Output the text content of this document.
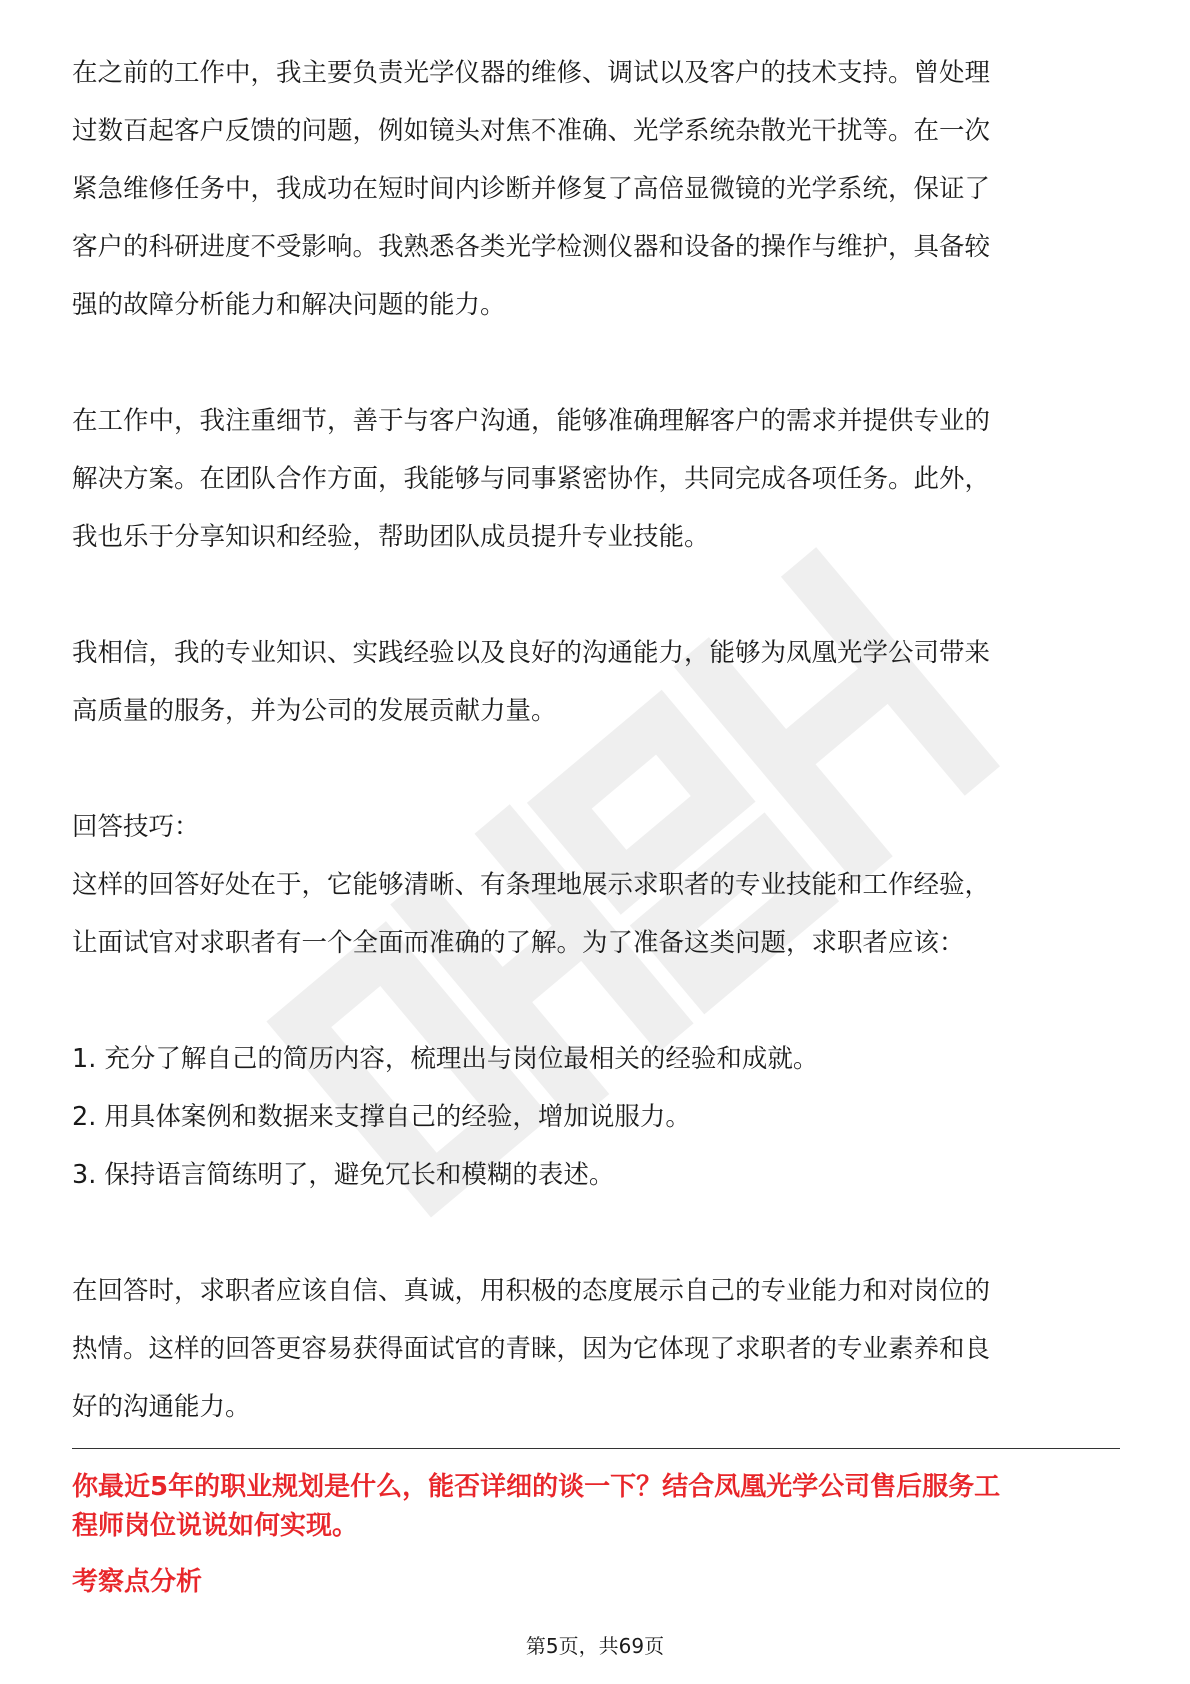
在之前的工作中，我主要负责光学仪器的维修、调试以及客户的技术支持。曾处理

过数百起客户反馈的问题，例如镜头对焦不准确、光学系统杂散光干扰等。在一次

紧急维修任务中，我成功在短时间内诊断并修复了高倍显微镜的光学系统，保证了

客户的科研进度不受影响。我熟悉各类光学检测仪器和设备的操作与维护，具备较

强的故障分析能力和解决问题的能力。

在工作中，我注重细节，善于与客户沟通，能够准确理解客户的需求并提供专业的

解决方案。在团队合作方面，我能够与同事紧密协作，共同完成各项任务。此外，

我也乐于分享知识和经验，帮助团队成员提升专业技能。

我相信，我的专业知识、实践经验以及良好的沟通能力，能够为凤凰光学公司带来

高质量的服务，并为公司的发展贡献力量。

回答技巧：

这样的回答好处在于，它能够清晰、有条理地展示求职者的专业技能和工作经验，

让面试官对求职者有一个全面而准确的了解。为了准备这类问题，求职者应该：

1. 充分了解自己的简历内容，梳理出与岗位最相关的经验和成就。

2. 用具体案例和数据来支撑自己的经验，增加说服力。

3. 保持语言简练明了，避免冗长和模糊的表述。

在回答时，求职者应该自信、真诚，用积极的态度展示自己的专业能力和对岗位的

热情。这样的回答更容易获得面试官的青睐，因为它体现了求职者的专业素养和良

好的沟通能力。

你最近5年的职业规划是什么，能否详细的谈一下？结合凤凰光学公司售后服务工
程师岗位说说如何实现。

考察点分析

第5页，共69页
